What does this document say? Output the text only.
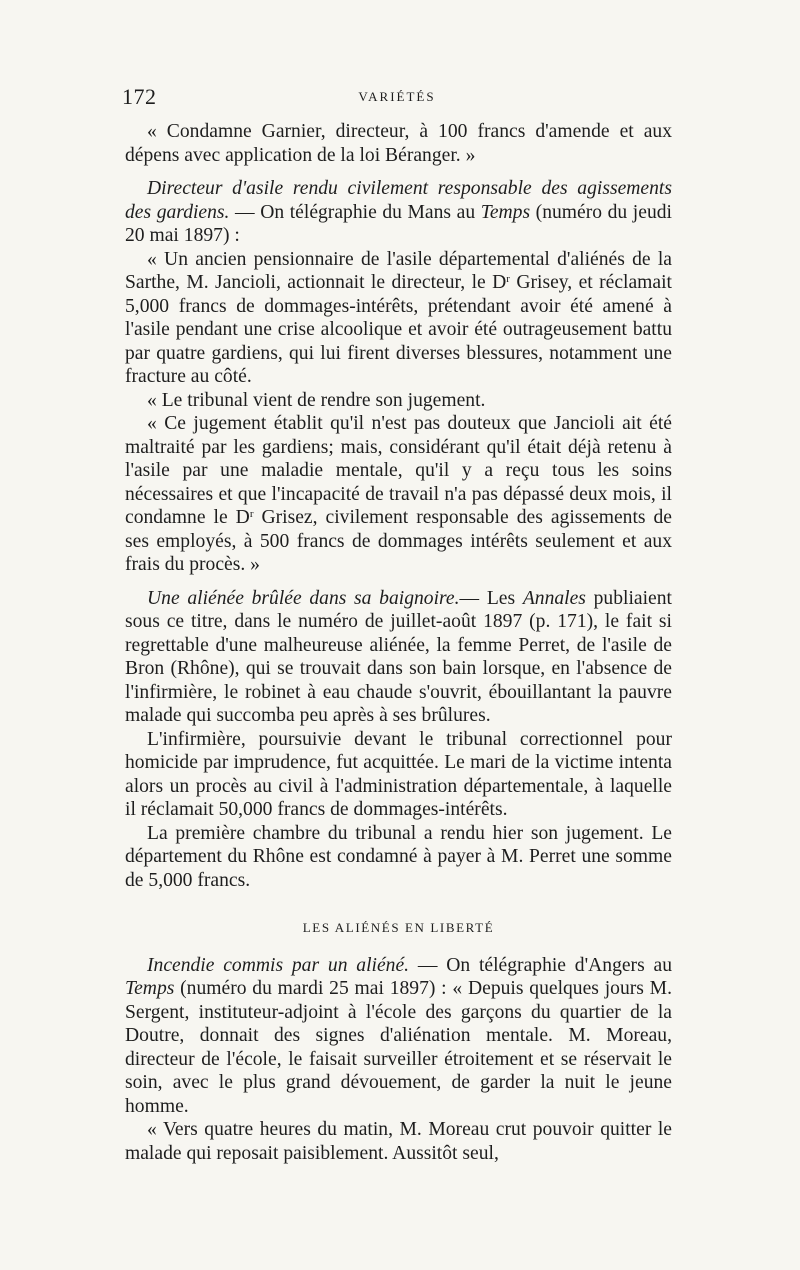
172	VARIÉTÉS

« Condamne Garnier, directeur, à 100 francs d'amende et aux dépens avec application de la loi Béranger. »

Directeur d'asile rendu civilement responsable des agissements des gardiens. — On télégraphie du Mans au Temps (numéro du jeudi 20 mai 1897) :

« Un ancien pensionnaire de l'asile départemental d'aliénés de la Sarthe, M. Jancioli, actionnait le directeur, le $D^r$ Grisey, et réclamait 5,000 francs de dommages-intérêts, prétendant avoir été amené à l'asile pendant une crise alcoolique et avoir été outrageusement battu par quatre gardiens, qui lui firent diverses blessures, notamment une fracture au côté.

« Le tribunal vient de rendre son jugement.

« Ce jugement établit qu'il n'est pas douteux que Jancioli ait été maltraité par les gardiens; mais, considérant qu'il était déjà retenu à l'asile par une maladie mentale, qu'il y a reçu tous les soins nécessaires et que l'incapacité de travail n'a pas dépassé deux mois, il condamne le $D^r$ Grisez, civilement responsable des agissements de ses employés, à 500 francs de dommages intérêts seulement et aux frais du procès. »

Une aliénée brûlée dans sa baignoire.— Les Annales publiaient sous ce titre, dans le numéro de juillet-août 1897 (p. 171), le fait si regrettable d'une malheureuse aliénée, la femme Perret, de l'asile de Bron (Rhône), qui se trouvait dans son bain lorsque, en l'absence de l'infirmière, le robinet à eau chaude s'ouvrit, ébouillantant la pauvre malade qui succomba peu après à ses brûlures.

L'infirmière, poursuivie devant le tribunal correctionnel pour homicide par imprudence, fut acquittée. Le mari de la victime intenta alors un procès au civil à l'administration départementale, à laquelle il réclamait 50,000 francs de dommages-intérêts.

La première chambre du tribunal a rendu hier son jugement. Le département du Rhône est condamné à payer à M. Perret une somme de 5,000 francs.

LES ALIÉNÉS EN LIBERTÉ

Incendie commis par un aliéné. — On télégraphie d'Angers au Temps (numéro du mardi 25 mai 1897) : « Depuis quelques jours M. Sergent, instituteur-adjoint à l'école des garçons du quartier de la Doutre, donnait des signes d'aliénation mentale. M. Moreau, directeur de l'école, le faisait surveiller étroitement et se réservait le soin, avec le plus grand dévouement, de garder la nuit le jeune homme.

« Vers quatre heures du matin, M. Moreau crut pouvoir quitter le malade qui reposait paisiblement. Aussitôt seul,
